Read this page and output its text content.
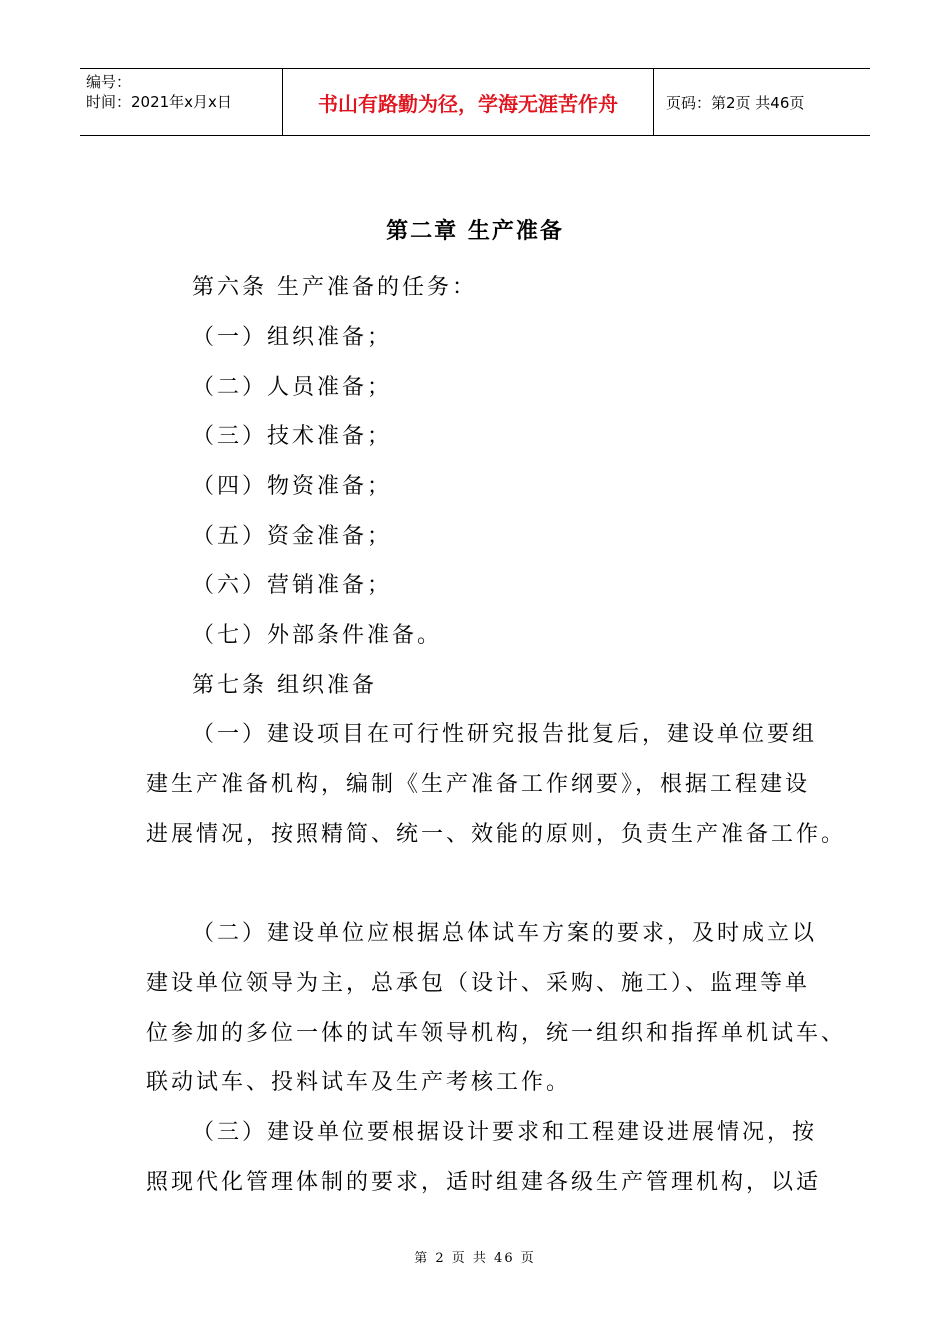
编号：
时间：2021年x月x日	书山有路勤为径，学海无涯苦作舟	页码：第2页 共46页
第二章 生产准备
第六条 生产准备的任务：
（一）组织准备；
（二）人员准备；
（三）技术准备；
（四）物资准备；
（五）资金准备；
（六）营销准备；
（七）外部条件准备。
第七条 组织准备
（一）建设项目在可行性研究报告批复后，建设单位要组
建生产准备机构，编制《生产准备工作纲要》，根据工程建设
进展情况，按照精简、统一、效能的原则，负责生产准备工作。
（二）建设单位应根据总体试车方案的要求，及时成立以
建设单位领导为主，总承包（设计、采购、施工）、监理等单
位参加的多位一体的试车领导机构，统一组织和指挥单机试车、
联动试车、投料试车及生产考核工作。
（三）建设单位要根据设计要求和工程建设进展情况，按
照现代化管理体制的要求，适时组建各级生产管理机构，以适
第 2 页 共 46 页
